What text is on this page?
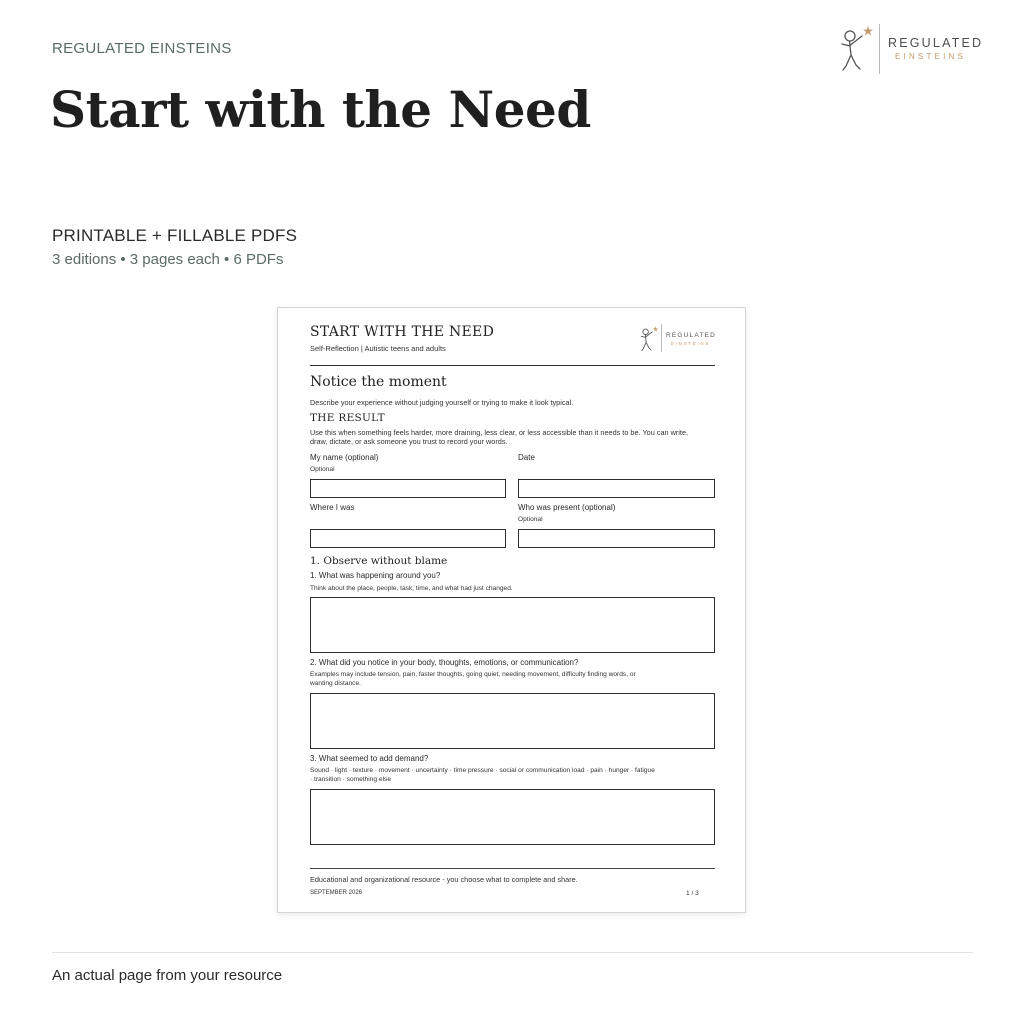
REGULATED EINSTEINS
Start with the Need
REGULATED
EINSTEINS
PRINTABLE + FILLABLE PDFS
3 editions • 3 pages each • 6 PDFs
START WITH THE NEED
Self-Reflection | Autistic teens and adults
REGULATED
EINSTEINS
Notice the moment
Describe your experience without judging yourself or trying to make it look typical.
THE RESULT
Use this when something feels harder, more draining, less clear, or less accessible than it needs to be. You can write,
draw, dictate, or ask someone you trust to record your words.
My name (optional)
Optional
Date
Where I was	Who was present (optional)
Optional
1. Observe without blame
1. What was happening around you?
Think about the place, people, task, time, and what had just changed.
2. What did you notice in your body, thoughts, emotions, or communication?
Examples may include tension, pain, faster thoughts, going quiet, needing movement, difficulty finding words, or
wanting distance.
3. What seemed to add demand?
Sound · light · texture · movement · uncertainty · time pressure · social or communication load · pain · hunger · fatigue
· transition · something else
Educational and organizational resource - you choose what to complete and share.
SEPTEMBER 2026	1 / 3
An actual page from your resource
